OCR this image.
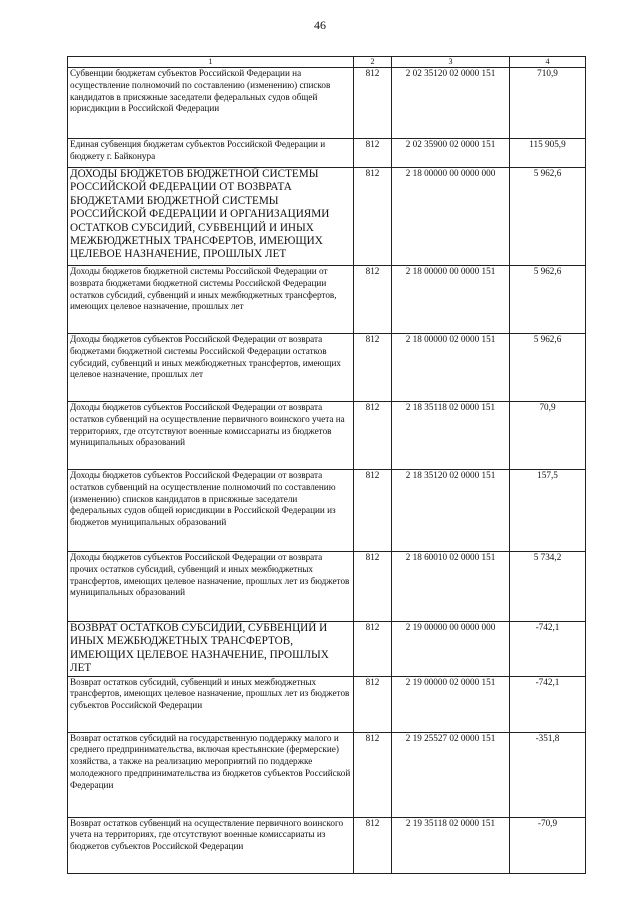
46
1	2	3	4
Субвенции бюджетам субъектов Российской Федерации на осуществление полномочий по составлению (изменению) списков кандидатов в присяжные заседатели федеральных судов общей юрисдикции в Российской Федерации	812	2 02 35120 02 0000 151	710,9
Единая субвенция бюджетам субъектов Российской Федерации и бюджету г. Байконура	812	2 02 35900 02 0000 151	115 905,9
ДОХОДЫ БЮДЖЕТОВ БЮДЖЕТНОЙ СИСТЕМЫ РОССИЙСКОЙ ФЕДЕРАЦИИ ОТ ВОЗВРАТА БЮДЖЕТАМИ БЮДЖЕТНОЙ СИСТЕМЫ РОССИЙСКОЙ ФЕДЕРАЦИИ И ОРГАНИЗАЦИЯМИ ОСТАТКОВ СУБСИДИЙ, СУБВЕНЦИЙ И ИНЫХ МЕЖБЮДЖЕТНЫХ ТРАНСФЕРТОВ, ИМЕЮЩИХ ЦЕЛЕВОЕ НАЗНАЧЕНИЕ, ПРОШЛЫХ ЛЕТ	812	2 18 00000 00 0000 000	5 962,6
Доходы бюджетов бюджетной системы Российской Федерации от возврата бюджетами бюджетной системы Российской Федерации остатков субсидий, субвенций и иных межбюджетных трансфертов, имеющих целевое назначение, прошлых лет	812	2 18 00000 00 0000 151	5 962,6
Доходы бюджетов субъектов Российской Федерации от возврата бюджетами бюджетной системы Российской Федерации остатков субсидий, субвенций и иных межбюджетных трансфертов, имеющих целевое назначение, прошлых лет	812	2 18 00000 02 0000 151	5 962,6
Доходы бюджетов субъектов Российской Федерации от возврата остатков субвенций на осуществление первичного воинского учета на территориях, где отсутствуют военные комиссариаты из бюджетов муниципальных образований	812	2 18 35118 02 0000 151	70,9
Доходы бюджетов субъектов Российской Федерации от возврата остатков субвенций на осуществление полномочий по составлению (изменению) списков кандидатов в присяжные заседатели федеральных судов общей юрисдикции в Российской Федерации из бюджетов муниципальных образований	812	2 18 35120 02 0000 151	157,5
Доходы бюджетов субъектов Российской Федерации от возврата прочих остатков субсидий, субвенций и иных межбюджетных трансфертов, имеющих целевое назначение, прошлых лет из бюджетов муниципальных образований	812	2 18 60010 02 0000 151	5 734,2
ВОЗВРАТ ОСТАТКОВ СУБСИДИЙ, СУБВЕНЦИЙ И ИНЫХ МЕЖБЮДЖЕТНЫХ ТРАНСФЕРТОВ, ИМЕЮЩИХ ЦЕЛЕВОЕ НАЗНАЧЕНИЕ, ПРОШЛЫХ ЛЕТ	812	2 19 00000 00 0000 000	-742,1
Возврат остатков субсидий, субвенций и иных межбюджетных трансфертов, имеющих целевое назначение, прошлых лет из бюджетов субъектов Российской Федерации	812	2 19 00000 02 0000 151	-742,1
Возврат остатков субсидий на государственную поддержку малого и среднего предпринимательства, включая крестьянские (фермерские) хозяйства, а также на реализацию мероприятий по поддержке молодежного предпринимательства из бюджетов субъектов Российской Федерации	812	2 19 25527 02 0000 151	-351,8
Возврат остатков субвенций на осуществление первичного воинского учета на территориях, где отсутствуют военные комиссариаты из бюджетов субъектов Российской Федерации	812	2 19 35118 02 0000 151	-70,9
